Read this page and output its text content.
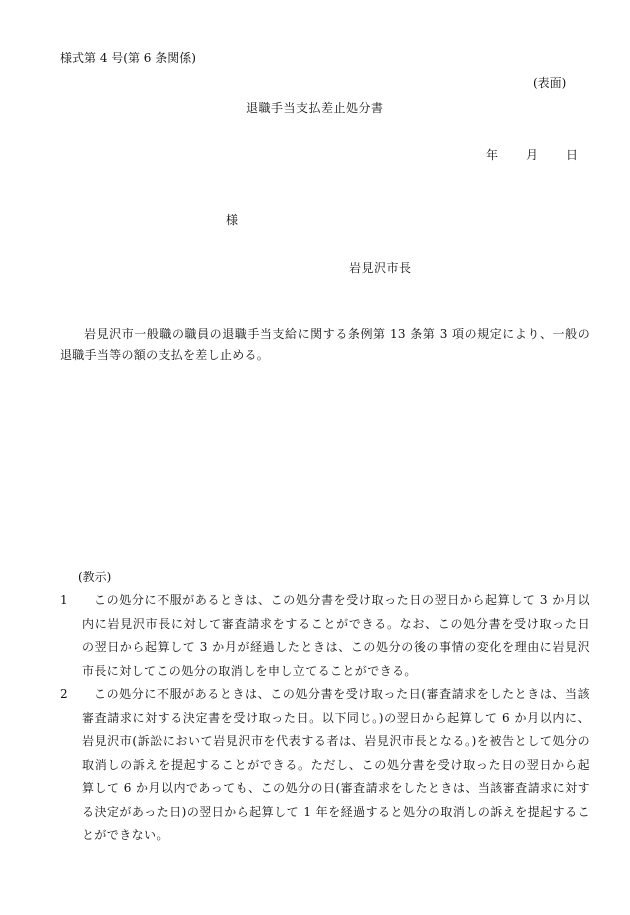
様式第 4 号(第 6 条関係)
(表面)
退職手当支払差止処分書
年 月 日
様
岩見沢市長
岩見沢市一般職の職員の退職手当支給に関する条例第 13 条第 3 項の規定により、一般の退職手当等の額の支払を差し止める。
(教示)
1	この処分に不服があるときは、この処分書を受け取った日の翌日から起算して 3 か月以内に岩見沢市長に対して審査請求をすることができる。なお、この処分書を受け取った日の翌日から起算して 3 か月が経過したときは、この処分の後の事情の変化を理由に岩見沢市長に対してこの処分の取消しを申し立てることができる。
2	この処分に不服があるときは、この処分書を受け取った日(審査請求をしたときは、当該審査請求に対する決定書を受け取った日。以下同じ。)の翌日から起算して 6 か月以内に、岩見沢市(訴訟において岩見沢市を代表する者は、岩見沢市長となる。)を被告として処分の取消しの訴えを提起することができる。ただし、この処分書を受け取った日の翌日から起算して 6 か月以内であっても、この処分の日(審査請求をしたときは、当該審査請求に対する決定があった日)の翌日から起算して 1 年を経過すると処分の取消しの訴えを提起することができない。
